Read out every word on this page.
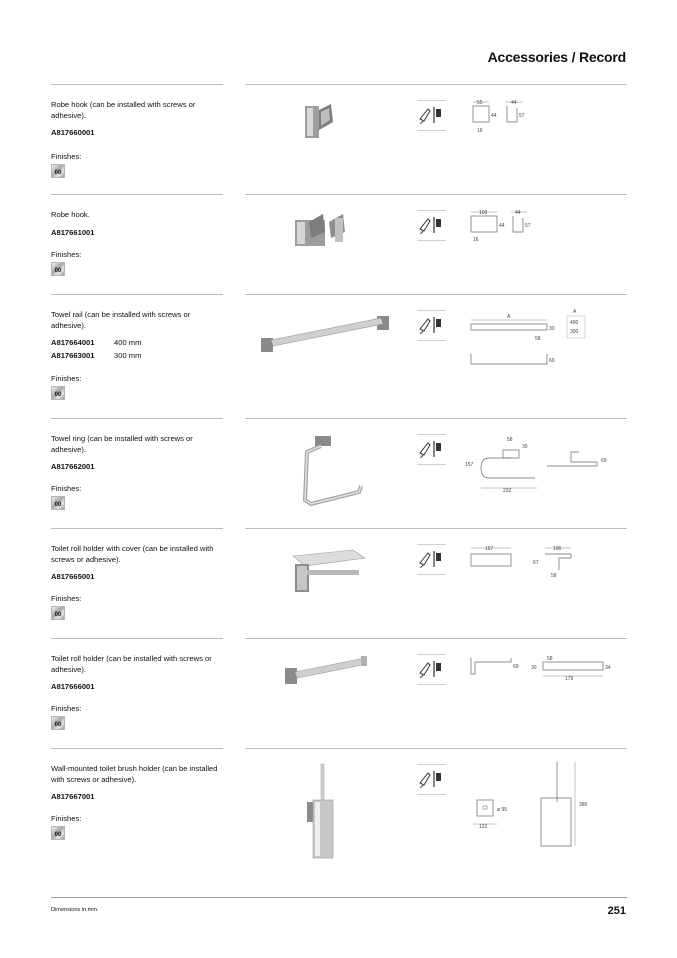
Accessories / Record
Robe hook (can be installed with screws or adhesive).
A817660001
Finishes:
00
55
44
44
57
16
Robe hook.
A817661001
Finishes:
00
100
44
44
57
16
Towel rail (can be installed with screws or adhesive).
A817664001	400 mm
A817663001	300 mm
Finishes:
00
A
30
58
69
A
400
300
Towel ring (can be installed with screws or adhesive).
A817662001
Finishes:
00
58
30
157
232
69
Toilet roll holder with cover (can be installed with screws or adhesive).
A817665001
Finishes:
00
167	106
67
58
Toilet roll holder (can be installed with screws or adhesive).
A817666001
Finishes:
00
69
58
30	34
179
Wall-mounted toilet brush holder (can be installed with screws or adhesive).
A817667001
Finishes:
00
ø 95
122
380
Dimensions in mm.	251
